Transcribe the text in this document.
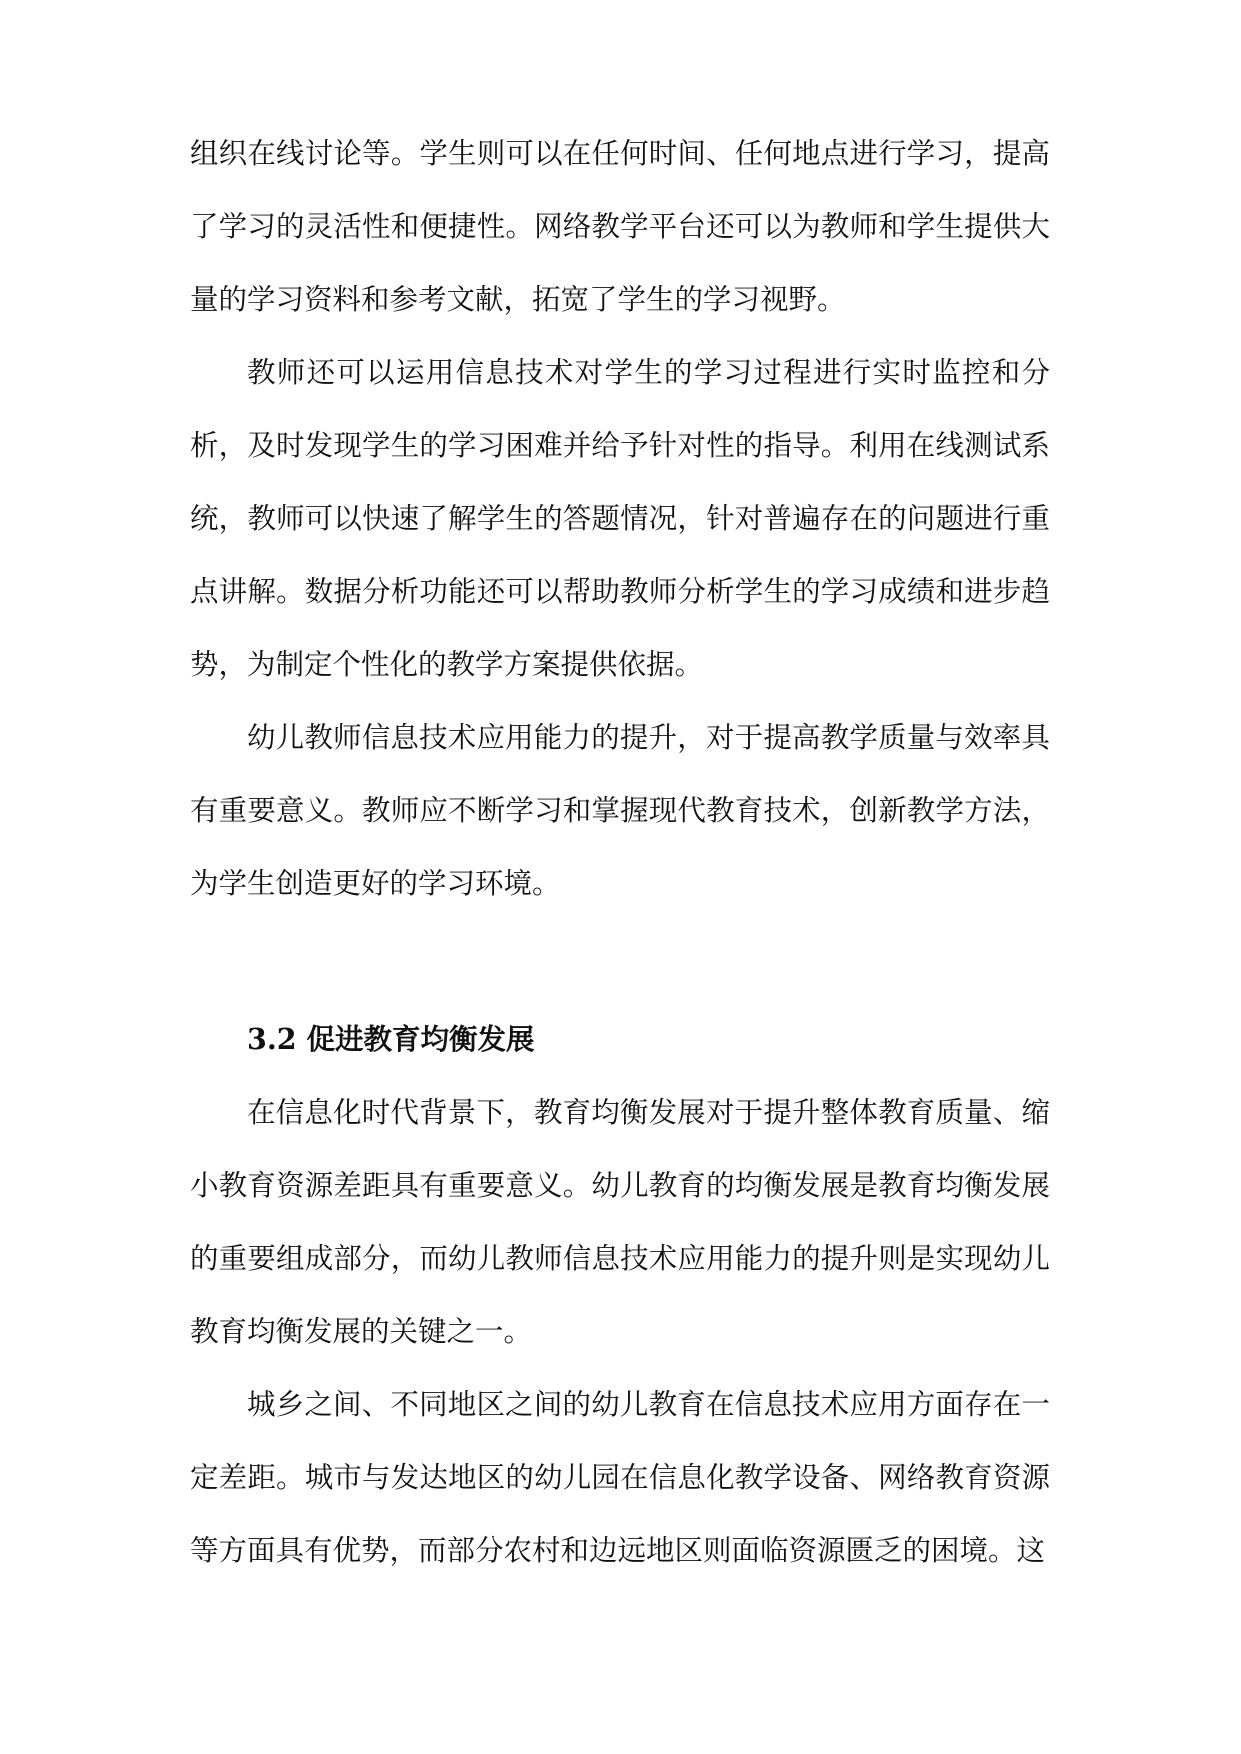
组织在线讨论等。学生则可以在任何时间、任何地点进行学习，提高了学习的灵活性和便捷性。网络教学平台还可以为教师和学生提供大量的学习资料和参考文献，拓宽了学生的学习视野。

教师还可以运用信息技术对学生的学习过程进行实时监控和分析，及时发现学生的学习困难并给予针对性的指导。利用在线测试系统，教师可以快速了解学生的答题情况，针对普遍存在的问题进行重点讲解。数据分析功能还可以帮助教师分析学生的学习成绩和进步趋势，为制定个性化的教学方案提供依据。

幼儿教师信息技术应用能力的提升，对于提高教学质量与效率具有重要意义。教师应不断学习和掌握现代教育技术，创新教学方法，为学生创造更好的学习环境。

3.2 促进教育均衡发展

在信息化时代背景下，教育均衡发展对于提升整体教育质量、缩小教育资源差距具有重要意义。幼儿教育的均衡发展是教育均衡发展的重要组成部分，而幼儿教师信息技术应用能力的提升则是实现幼儿教育均衡发展的关键之一。

城乡之间、不同地区之间的幼儿教育在信息技术应用方面存在一定差距。城市与发达地区的幼儿园在信息化教学设备、网络教育资源等方面具有优势，而部分农村和边远地区则面临资源匮乏的困境。这
